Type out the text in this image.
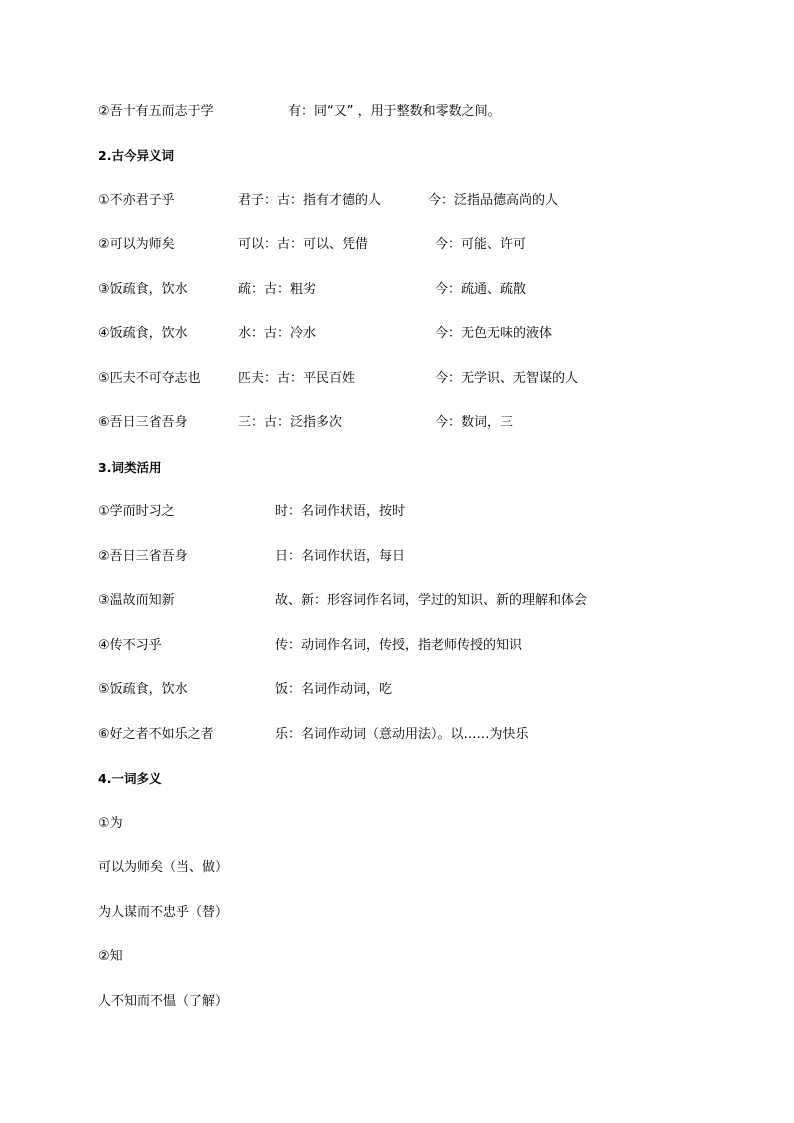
②吾十有五而志于学	有：同“又” ，用于整数和零数之间。
2.古今异义词
①不亦君子乎	君子：古：指有才德的人	今：泛指品德高尚的人
②可以为师矣	可以：古：可以、凭借	今：可能、许可
③饭疏食，饮水	疏：古：粗劣	今：疏通、疏散
④饭疏食，饮水	水：古：冷水	今：无色无味的液体
⑤匹夫不可夺志也	匹夫：古：平民百姓	今：无学识、无智谋的人
⑥吾日三省吾身	三：古：泛指多次	今：数词，三
3.词类活用
①学而时习之	时：名词作状语，按时
②吾日三省吾身	日：名词作状语，每日
③温故而知新	故、新：形容词作名词，学过的知识、新的理解和体会
④传不习乎	传：动词作名词，传授，指老师传授的知识
⑤饭疏食，饮水	饭：名词作动词，吃
⑥好之者不如乐之者	乐：名词作动词（意动用法）。以……为快乐
4.一词多义
①为
可以为师矣（当、做）
为人谋而不忠乎（替）
②知
人不知而不愠（了解）
